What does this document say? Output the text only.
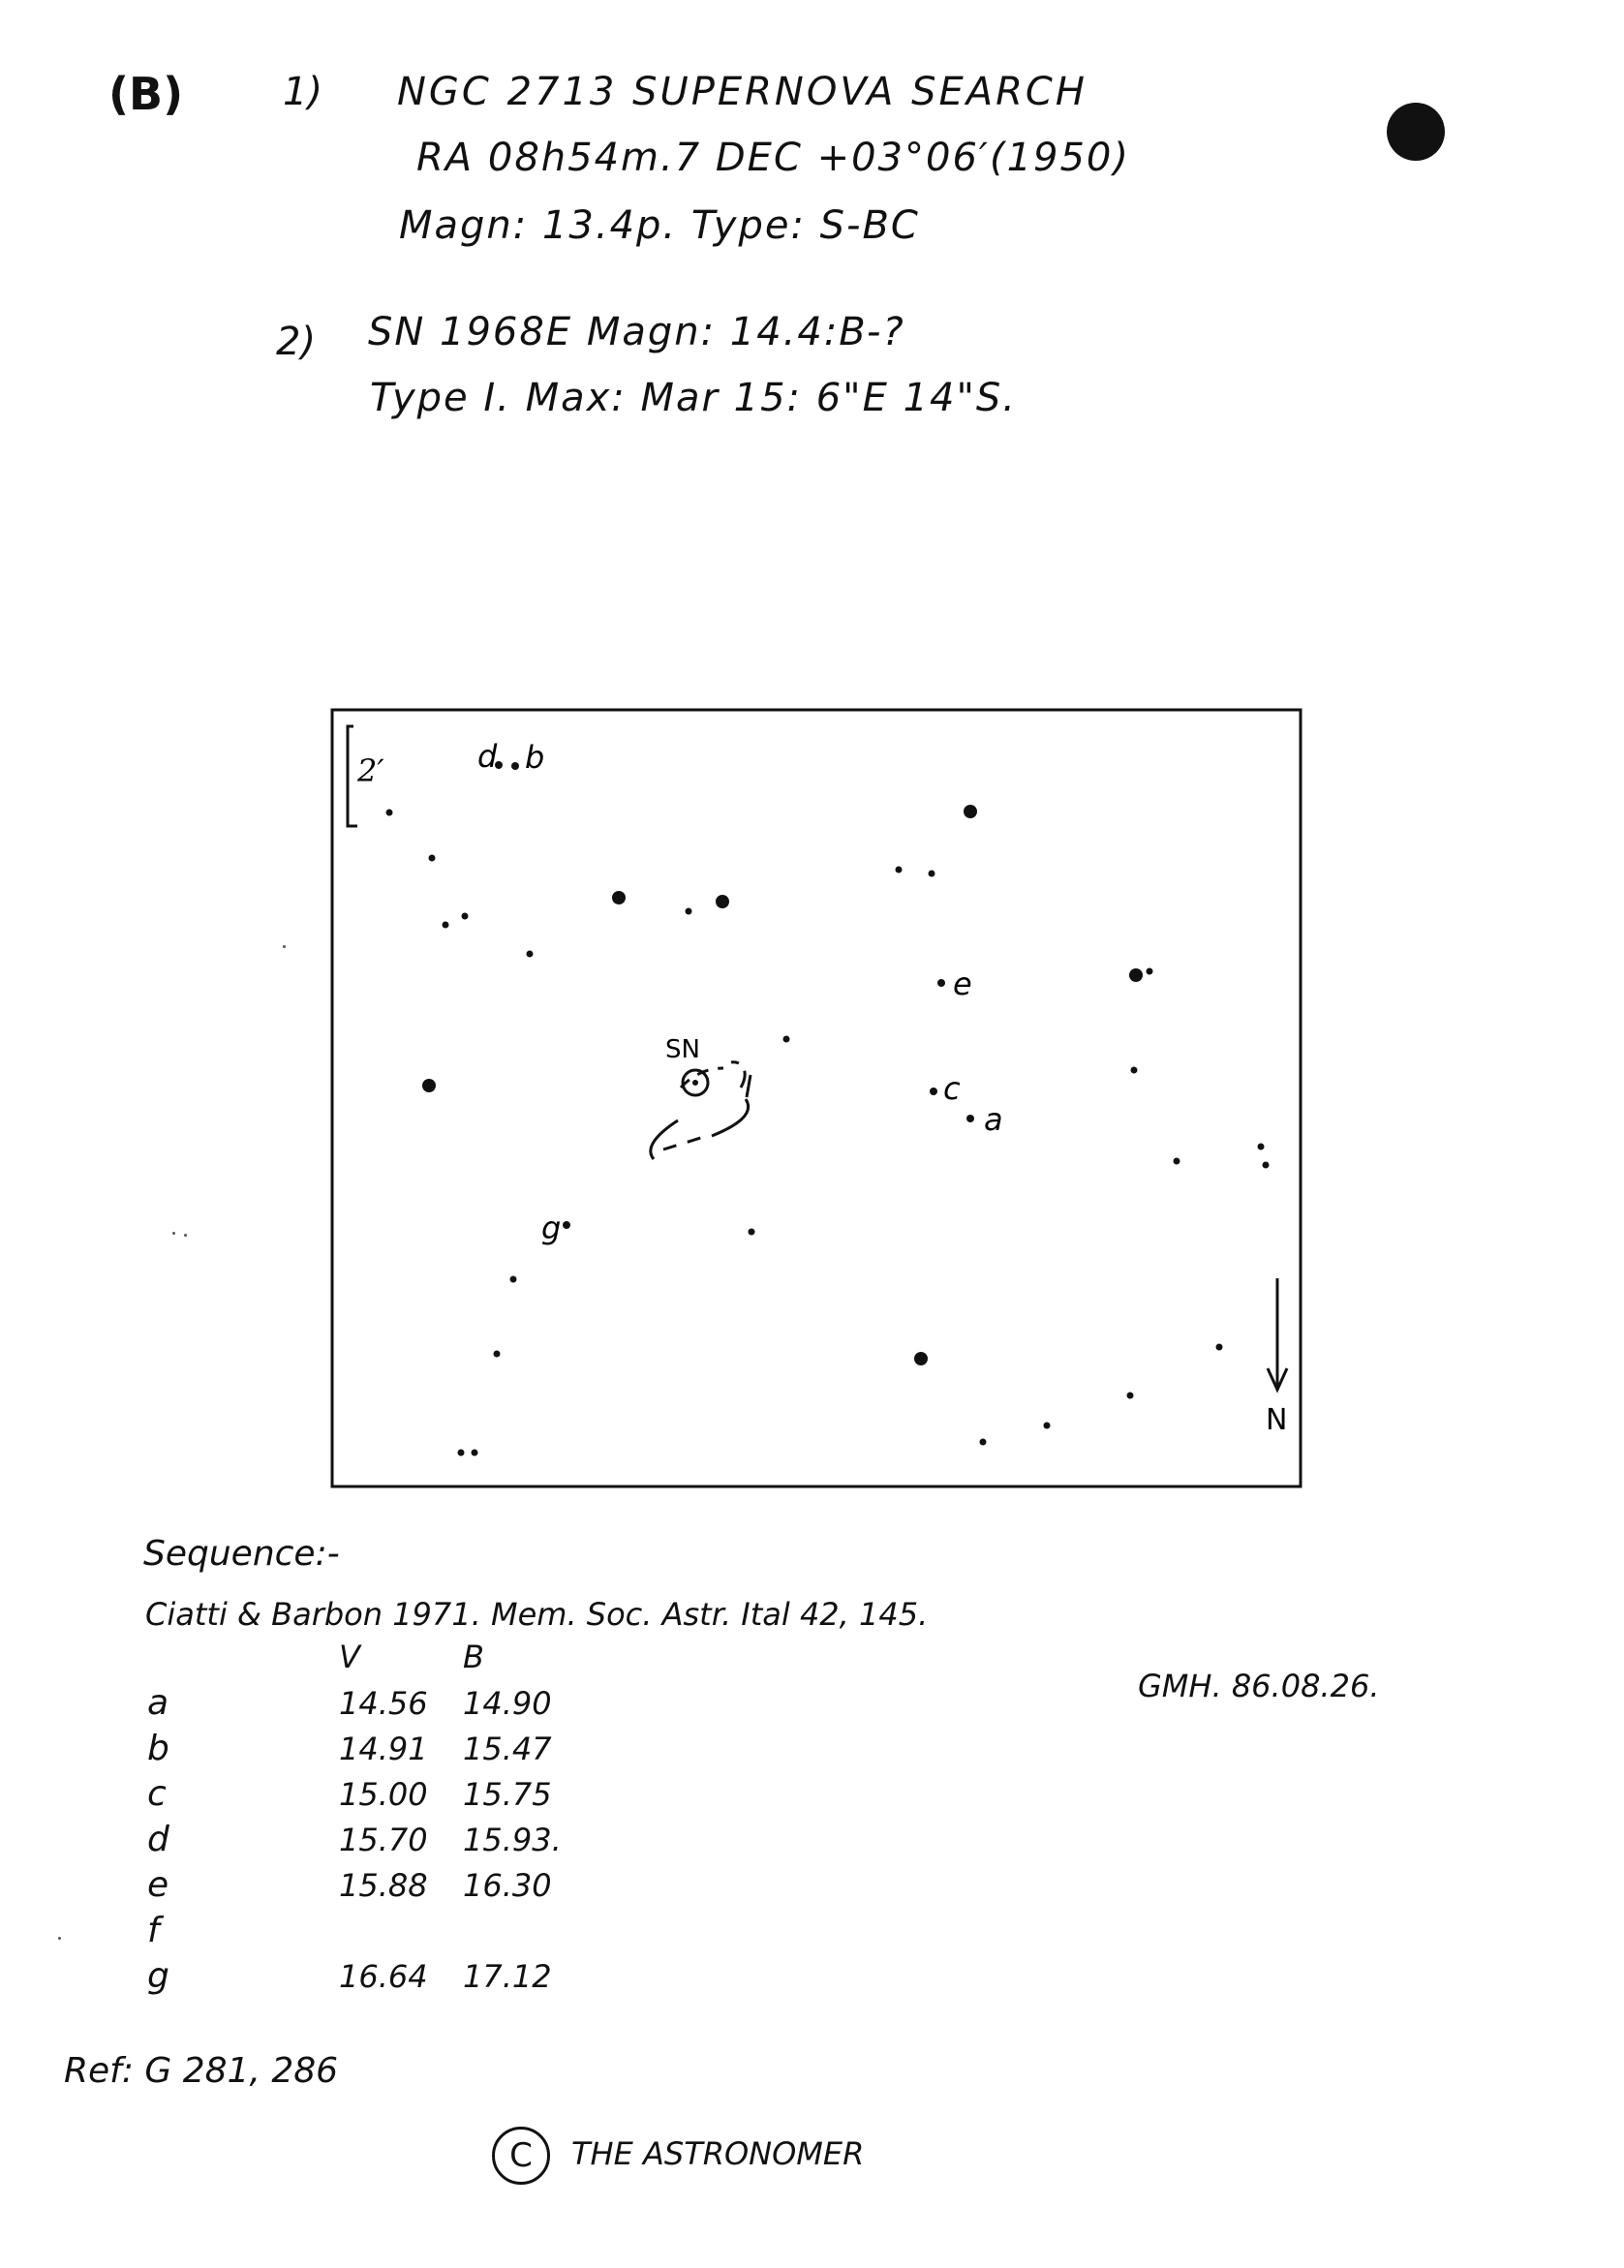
(B)	1) NGC 2713 SUPERNOVA SEARCH
RA 08h54m.7 DEC +03°06′(1950)
Magn: 13.4p. Type: S-BC
2) SN 1968E Magn: 14.4:B-?
Type I. Max: Mar 15: 6"E 14"S.
2′	d b
e
c
a
g
SN
N
Sequence:-
Ciatti & Barbon 1971. Mem. Soc. Astr. Ital 42, 145.
V	B
a	14.56	14.90
b	14.91	15.47
c	15.00	15.75
d	15.70	15.93.
e	15.88	16.30
f		
g	16.64	17.12
GMH. 86.08.26.
Ref: G 281, 286
C THE ASTRONOMER
